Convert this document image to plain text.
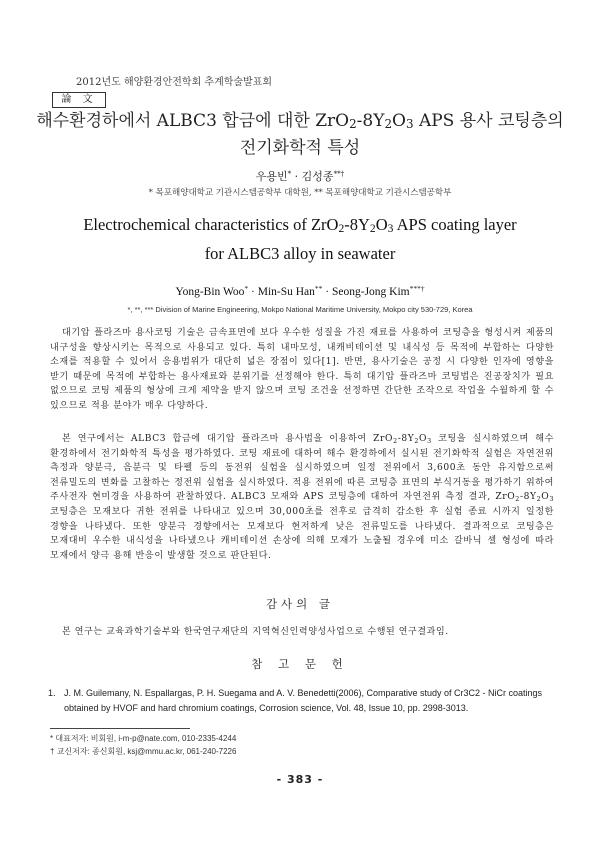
2012년도 해양환경안전학회 추계학술발표회
論 文
해수환경하에서 ALBC3 합금에 대한 $ZrO_2-8Y_2O_3$ APS 용사 코팅층의
전기화학적 특성
우용빈* · 김성종**†
* 목포해양대학교 기관시스템공학부 대학원, ** 목포해양대학교 기관시스템공학부
Electrochemical characteristics of $ZrO_2-8Y_2O_3$ APS coating layer
for ALBC3 alloy in seawater
Yong-Bin Woo* · Min-Su Han** · Seong-Jong Kim***†
*, **, *** Division of Marine Engineering, Mokpo National Maritime University, Mokpo city 530-729, Korea
대기압 플라즈마 용사코팅 기술은 금속표면에 보다 우수한 성질을 가진 재료를 사용하여 코팅층을 형성시켜 제품의 내구성을 향상시키는 목적으로 사용되고 있다. 특히 내마모성, 내캐비테이션 및 내식성 등 목적에 부합하는 다양한 소재를 적용할 수 있어서 응용범위가 대단히 넓은 장점이 있다[1]. 반면, 용사기술은 공정 시 다양한 인자에 영향을 받기 때문에 목적에 부합하는 용사재료와 분위기를 선정해야 한다. 특히 대기압 플라즈마 코팅법은 진공장치가 필요 없으므로 코팅 제품의 형상에 크게 제약을 받지 않으며 코팅 조건을 선정하면 간단한 조작으로 작업을 수월하게 할 수 있으므로 적용 분야가 매우 다양하다.
본 연구에서는 ALBC3 합금에 대기압 플라즈마 용사법을 이용하여 $ZrO_2-8Y_2O_3$ 코팅을 실시하였으며 해수 환경하에서 전기화학적 특성을 평가하였다. 코팅 재료에 대하여 해수 환경하에서 실시된 전기화학적 실험은 자연전위 측정과 양분극, 음분극 및 타펠 등의 동전위 실험을 실시하였으며 일정 전위에서 3,600초 동안 유지함으로써 전류밀도의 변화를 고찰하는 정전위 실험을 실시하였다. 적용 전위에 따른 코팅층 표면의 부식거동을 평가하기 위하여 주사전자 현미경을 사용하여 관찰하였다. ALBC3 모재와 APS 코팅층에 대하여 자연전위 측정 결과, $ZrO_2-8Y_2O_3$ 코팅층은 모재보다 귀한 전위를 나타내고 있으며 30,000초를 전후로 급격히 감소한 후 실험 종료 시까지 일정한 경향을 나타냈다. 또한 양분극 경향에서는 모재보다 현저하게 낮은 전류밀도를 나타냈다. 결과적으로 코팅층은 모재대비 우수한 내식성을 나타냈으나 캐비테이션 손상에 의해 모재가 노출될 경우에 미소 갈바닉 셀 형성에 따라 모재에서 양극 용해 반응이 발생할 것으로 판단된다.
감사의 글
본 연구는 교육과학기술부와 한국연구재단의 지역혁신인력양성사업으로 수행된 연구결과임.
참 고 문 헌
1. J. M. Guilemany, N. Espallargas, P. H. Suegama and A. V. Benedetti(2006), Comparative study of Cr3C2 - NiCr coatings obtained by HVOF and hard chromium coatings, Corrosion science, Vol. 48, Issue 10, pp. 2998-3013.
* 대표저자: 비회원, i-m-p@nate.com, 010-2335-4244
† 교신저자: 종신회원, ksj@mmu.ac.kr, 061-240-7226
- 383 -
